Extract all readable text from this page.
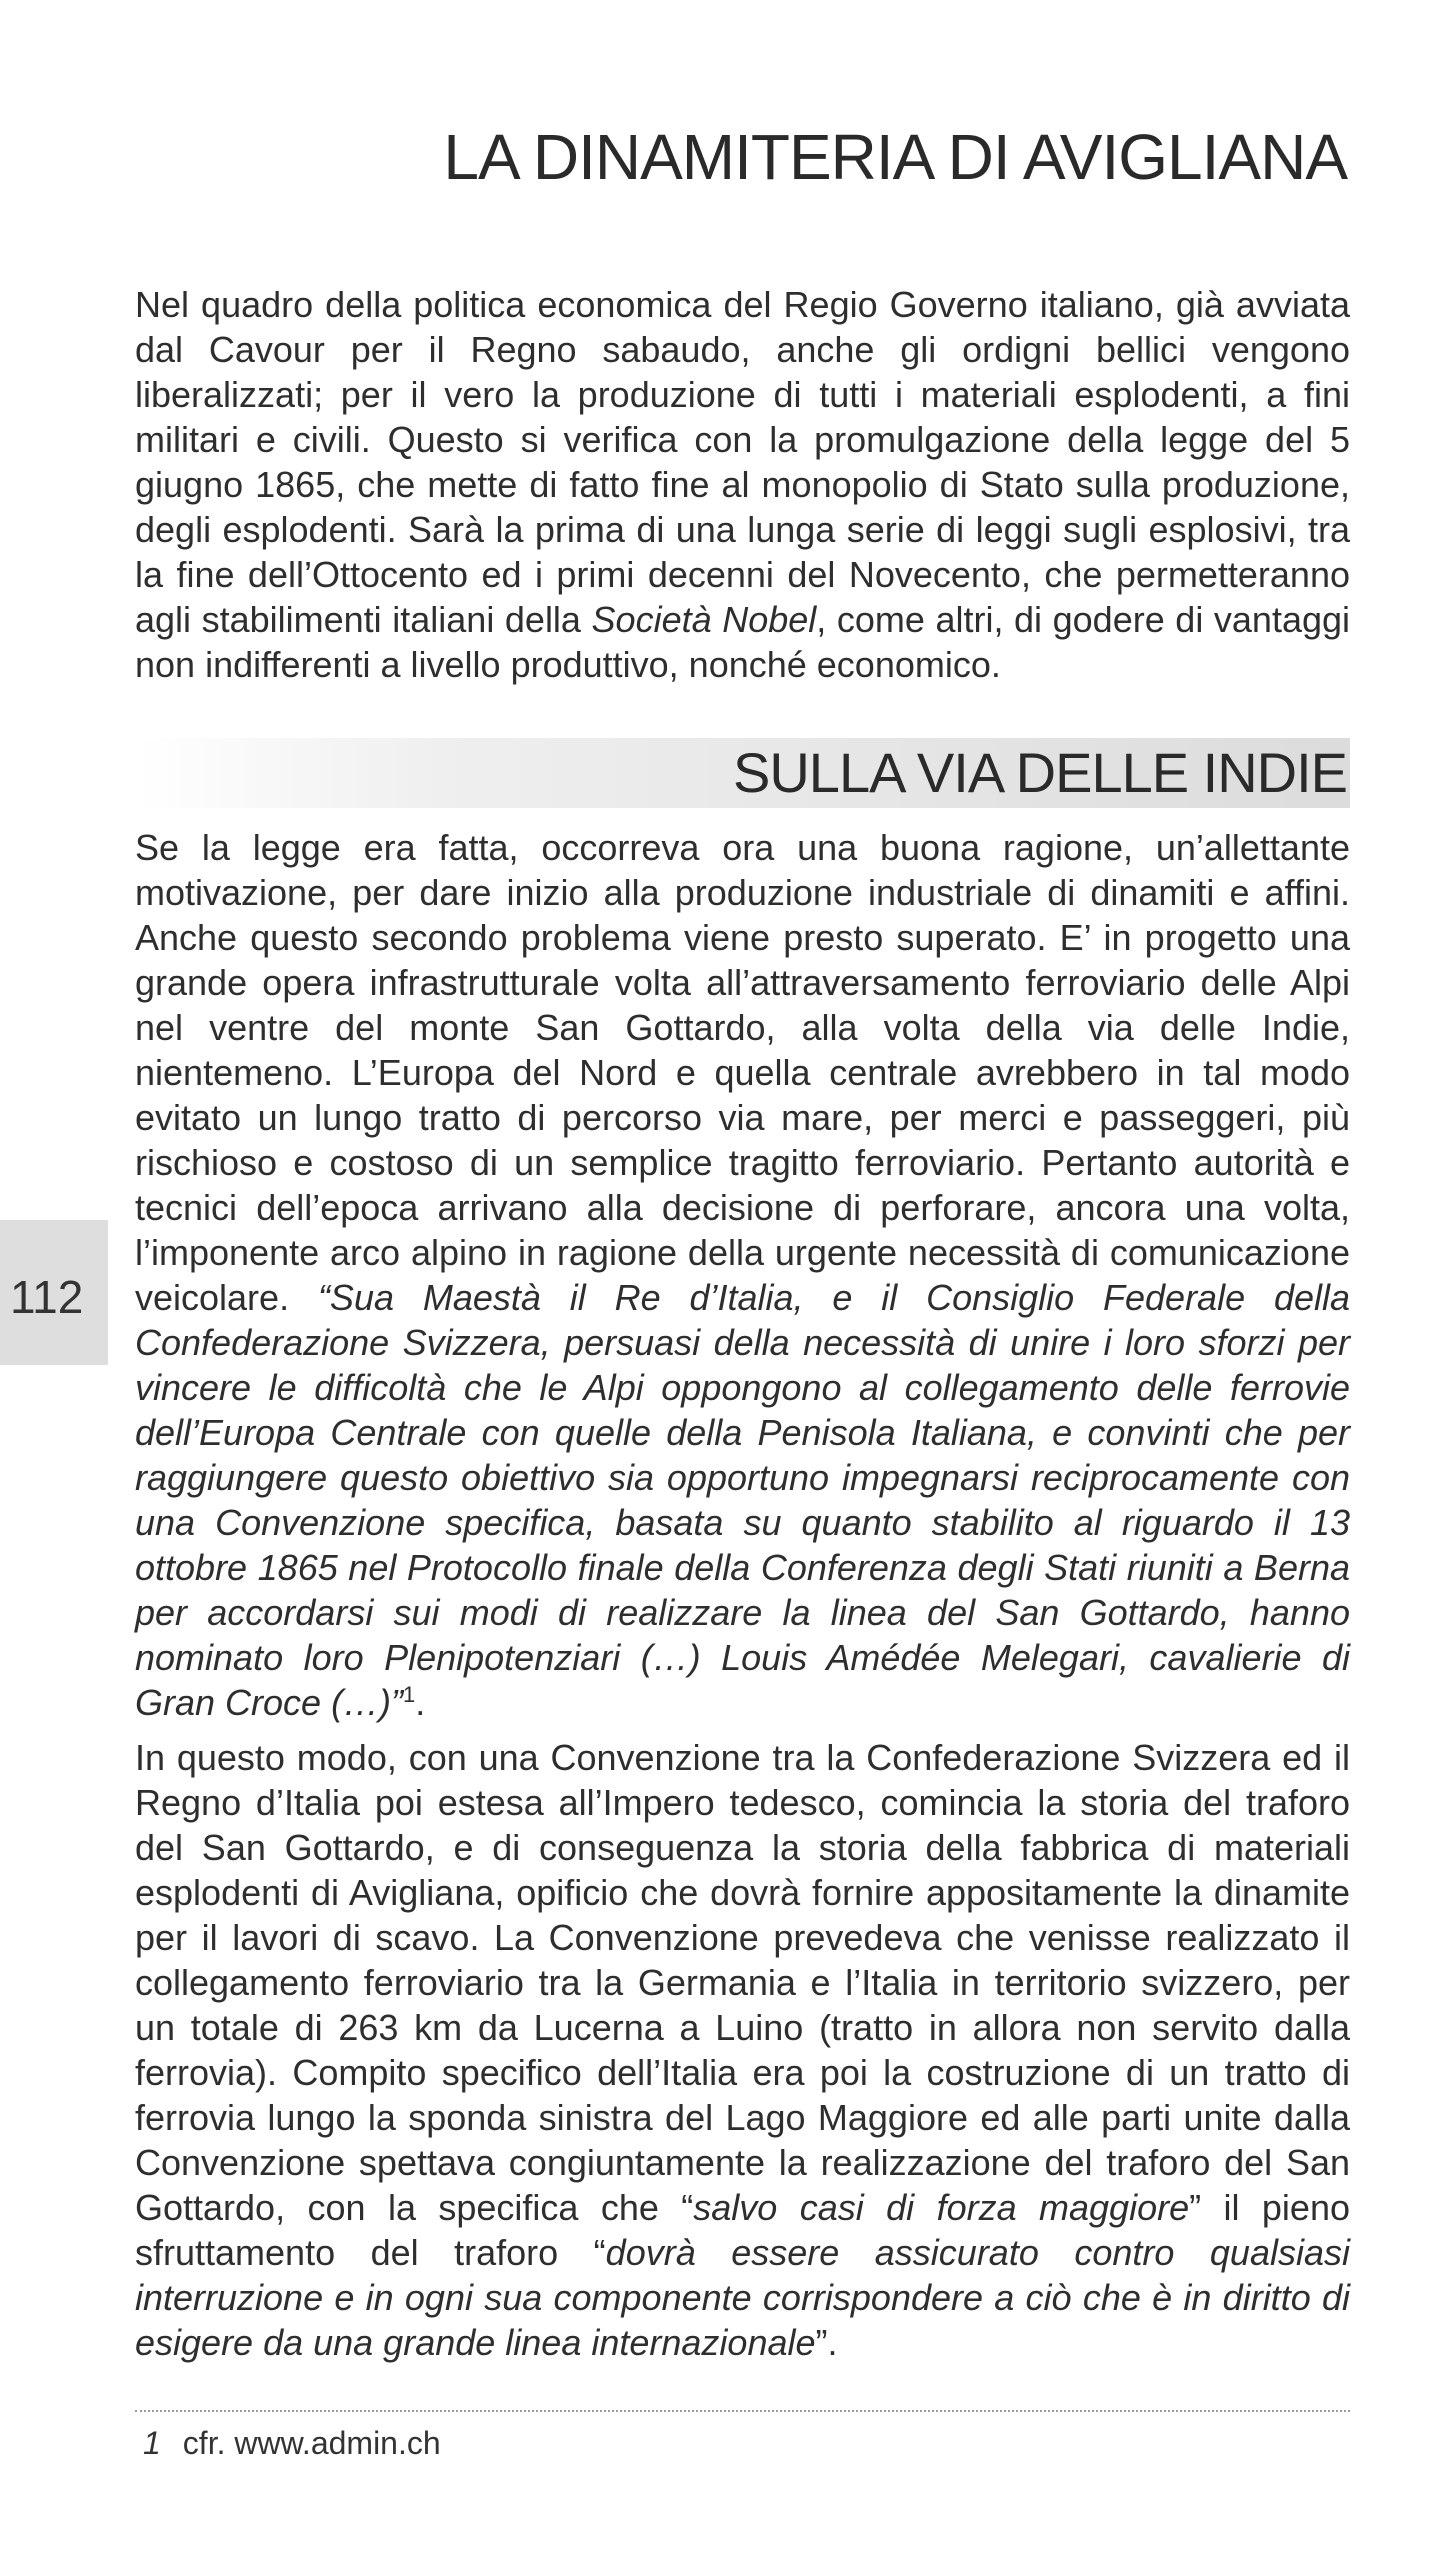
LA DINAMITERIA DI AVIGLIANA

Nel quadro della politica economica del Regio Governo italiano, già avviata dal Cavour per il Regno sabaudo, anche gli ordigni bellici vengono liberalizzati; per il vero la produzione di tutti i materiali esplodenti, a fini militari e civili. Questo si verifica con la promulgazione della legge del 5 giugno 1865, che mette di fatto fine al monopolio di Stato sulla produzione, degli esplodenti. Sarà la prima di una lunga serie di leggi sugli esplosivi, tra la fine dell’Ottocento ed i primi decenni del Novecento, che permetteranno agli stabilimenti italiani della Società Nobel, come altri, di godere di vantaggi non indifferenti a livello produttivo, nonché economico.

SULLA VIA DELLE INDIE
112

Se la legge era fatta, occorreva ora una buona ragione, un’allettante motivazione, per dare inizio alla produzione industriale di dinamiti e affini. Anche questo secondo problema viene presto superato. E’ in progetto una grande opera infrastrutturale volta all’attraversamento ferroviario delle Alpi nel ventre del monte San Gottardo, alla volta della via delle Indie, nientemeno. L’Europa del Nord e quella centrale avrebbero in tal modo evitato un lungo tratto di percorso via mare, per merci e passeggeri, più rischioso e costoso di un semplice tragitto ferroviario. Pertanto autorità e tecnici dell’epoca arrivano alla decisione di perforare, ancora una volta, l’imponente arco alpino in ragione della urgente necessità di comunicazione veicolare. “Sua Maestà il Re d’Italia, e il Consiglio Federale della Confederazione Svizzera, persuasi della necessità di unire i loro sforzi per vincere le difficoltà che le Alpi oppongono al collegamento delle ferrovie dell’Europa Centrale con quelle della Penisola Italiana, e convinti che per raggiungere questo obiettivo sia opportuno impegnarsi reciprocamente con una Convenzione specifica, basata su quanto stabilito al riguardo il 13 ottobre 1865 nel Protocollo finale della Conferenza degli Stati riuniti a Berna per accordarsi sui modi di realizzare la linea del San Gottardo, hanno nominato loro Plenipotenziari (…) Louis Amédée Melegari, cavalierie di Gran Croce (…)”$^1$.

In questo modo, con una Convenzione tra la Confederazione Svizzera ed il Regno d’Italia poi estesa all’Impero tedesco, comincia la storia del traforo del San Gottardo, e di conseguenza la storia della fabbrica di materiali esplodenti di Avigliana, opificio che dovrà fornire appositamente la dinamite per il lavori di scavo. La Convenzione prevedeva che venisse realizzato il collegamento ferroviario tra la Germania e l’Italia in territorio svizzero, per un totale di 263 km da Lucerna a Luino (tratto in allora non servito dalla ferrovia). Compito specifico dell’Italia era poi la costruzione di un tratto di ferrovia lungo la sponda sinistra del Lago Maggiore ed alle parti unite dalla Convenzione spettava congiuntamente la realizzazione del traforo del San Gottardo, con la specifica che “salvo casi di forza maggiore” il pieno sfruttamento del traforo “dovrà essere assicurato contro qualsiasi interruzione e in ogni sua componente corrispondere a ciò che è in diritto di esigere da una grande linea internazionale”.

1 cfr. www.admin.ch
